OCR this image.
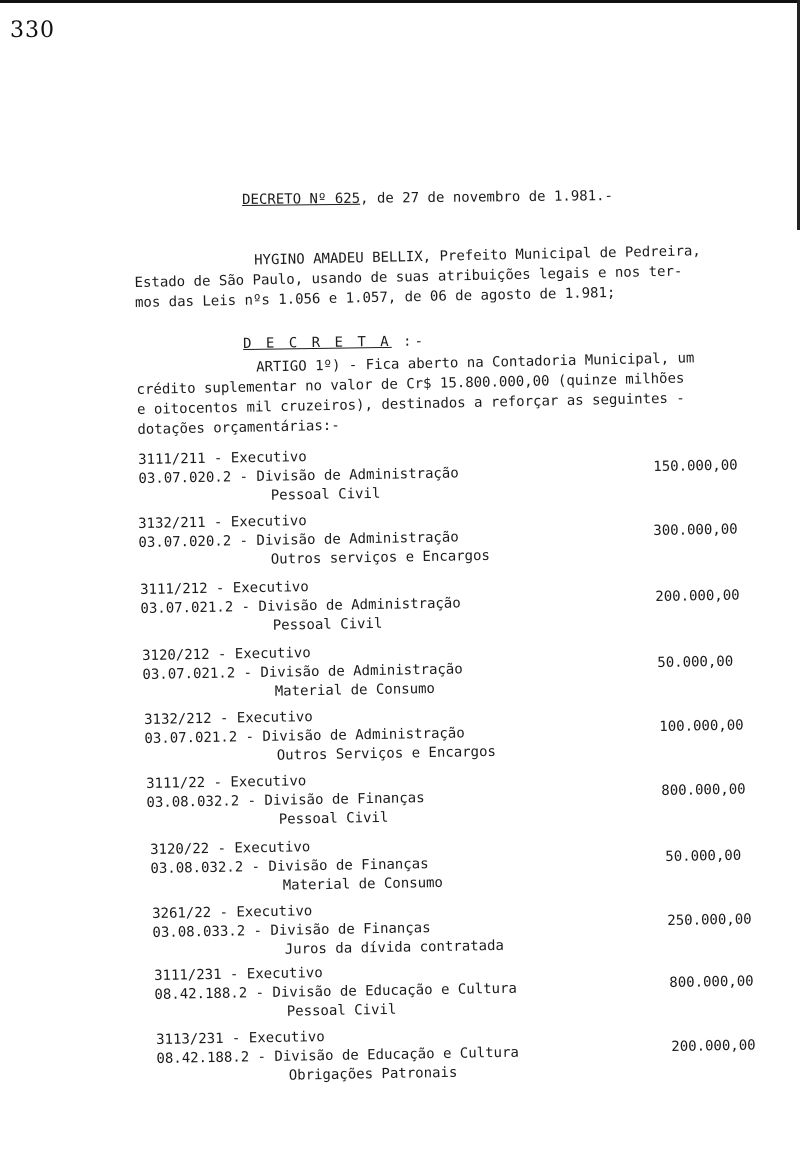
330
DECRETO Nº 625, de 27 de novembro de 1.981.-
HYGINO AMADEU BELLIX, Prefeito Municipal de Pedreira,
Estado de São Paulo, usando de suas atribuições legais e nos ter-
mos das Leis nºs 1.056 e 1.057, de 06 de agosto de 1.981;
D E C R E T A :-
ARTIGO 1º) - Fica aberto na Contadoria Municipal, um
crédito suplementar no valor de Cr$ 15.800.000,00 (quinze milhões
e oitocentos mil cruzeiros), destinados a reforçar as seguintes -
dotações orçamentárias:-
3111/211 - Executivo
03.07.020.2 - Divisão de Administração
Pessoal Civil
150.000,00
3132/211 - Executivo
03.07.020.2 - Divisão de Administração
Outros serviços e Encargos
300.000,00
3111/212 - Executivo
03.07.021.2 - Divisão de Administração
Pessoal Civil
200.000,00
3120/212 - Executivo
03.07.021.2 - Divisão de Administração
Material de Consumo
50.000,00
3132/212 - Executivo
03.07.021.2 - Divisão de Administração
Outros Serviços e Encargos
100.000,00
3111/22 - Executivo
03.08.032.2 - Divisão de Finanças
Pessoal Civil
800.000,00
3120/22 - Executivo
03.08.032.2 - Divisão de Finanças
Material de Consumo
50.000,00
3261/22 - Executivo
03.08.033.2 - Divisão de Finanças
Juros da dívida contratada
250.000,00
3111/231 - Executivo
08.42.188.2 - Divisão de Educação e Cultura
Pessoal Civil
800.000,00
3113/231 - Executivo
08.42.188.2 - Divisão de Educação e Cultura
Obrigações Patronais
200.000,00
